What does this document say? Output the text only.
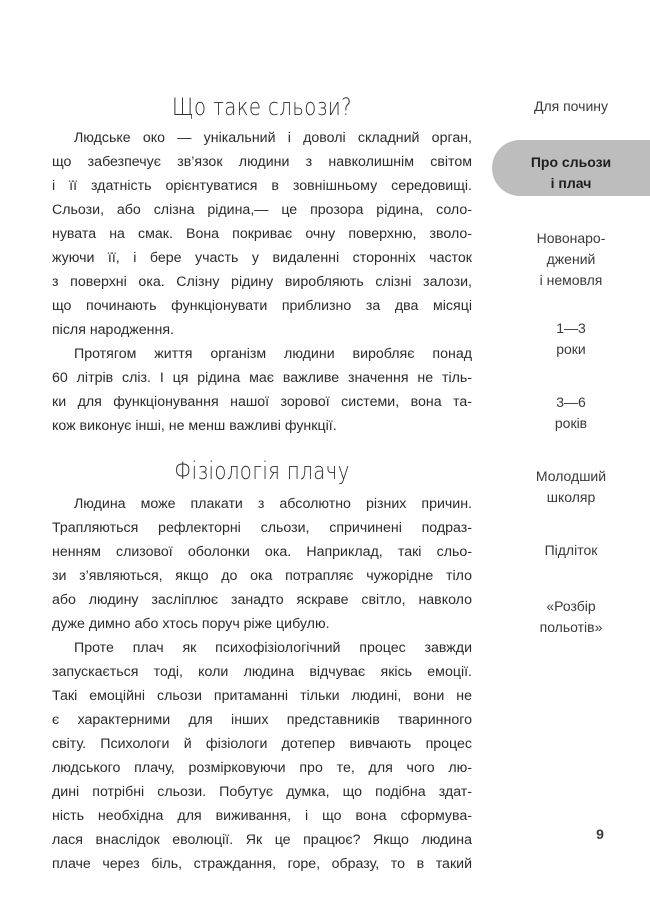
Що таке сльози?

Людське око — унікальний і доволі складний орган,
що забезпечує зв’язок людини з навколишнім світом
і її здатність орієнтуватися в зовнішньому середовищі.
Сльози, або слізна рідина,— це прозора рідина, соло-
нувата на смак. Вона покриває очну поверхню, зволо-
жуючи її, і бере участь у видаленні сторонніх часток
з поверхні ока. Слізну рідину виробляють слізні залози,
що починають функціонувати приблизно за два місяці
після народження.

Протягом життя організм людини виробляє понад
60 літрів сліз. І ця рідина має важливе значення не тіль-
ки для функціонування нашої зорової системи, вона та-
кож виконує інші, не менш важливі функції.

Фізіологія плачу

Людина може плакати з абсолютно різних причин.
Трапляються рефлекторні сльози, спричинені подраз-
ненням слизової оболонки ока. Наприклад, такі сльо-
зи з’являються, якщо до ока потрапляє чужорідне тіло
або людину засліплює занадто яскраве світло, навколо
дуже димно або хтось поруч ріже цибулю.

Проте плач як психофізіологічний процес завжди
запускається тоді, коли людина відчуває якісь емоції.
Такі емоційні сльози притаманні тільки людині, вони не
є характерними для інших представників тваринного
світу. Психологи й фізіологи дотепер вивчають процес
людського плачу, розмірковуючи про те, для чого лю-
дині потрібні сльози. Побутує думка, що подібна здат-
ність необхідна для виживання, і що вона сформува-
лася внаслідок еволюції. Як це працює? Якщо людина
плаче через біль, страждання, горе, образу, то в такий

Для почину
Про сльози
і плач
Новонаро-
джений
і немовля
1—3
роки
3—6
років
Молодший
школяр
Підліток
«Розбір
польотів»
9
